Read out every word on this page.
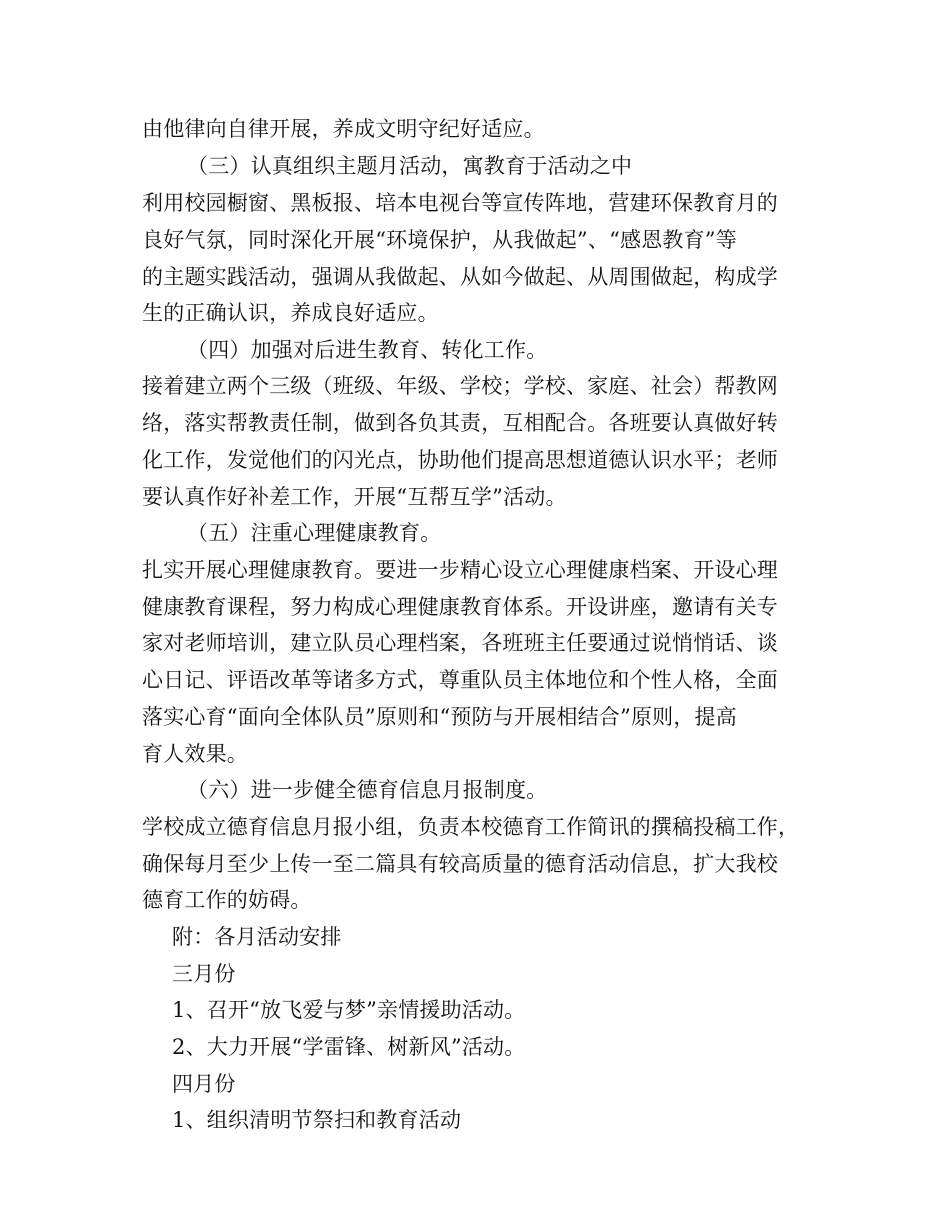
由他律向自律开展，养成文明守纪好适应。
（三）认真组织主题月活动，寓教育于活动之中
利用校园橱窗、黑板报、培本电视台等宣传阵地，营建环保教育月的
良好气氛，同时深化开展“环境保护，从我做起”、“感恩教育”等
的主题实践活动，强调从我做起、从如今做起、从周围做起，构成学
生的正确认识，养成良好适应。
（四）加强对后进生教育、转化工作。
接着建立两个三级（班级、年级、学校；学校、家庭、社会）帮教网
络，落实帮教责任制，做到各负其责，互相配合。各班要认真做好转
化工作，发觉他们的闪光点，协助他们提高思想道德认识水平；老师
要认真作好补差工作，开展“互帮互学”活动。
（五）注重心理健康教育。
扎实开展心理健康教育。要进一步精心设立心理健康档案、开设心理
健康教育课程，努力构成心理健康教育体系。开设讲座，邀请有关专
家对老师培训，建立队员心理档案，各班班主任要通过说悄悄话、谈
心日记、评语改革等诸多方式，尊重队员主体地位和个性人格，全面
落实心育“面向全体队员”原则和“预防与开展相结合”原则，提高
育人效果。
（六）进一步健全德育信息月报制度。
学校成立德育信息月报小组，负责本校德育工作简讯的撰稿投稿工作，
确保每月至少上传一至二篇具有较高质量的德育活动信息，扩大我校
德育工作的妨碍。
附：各月活动安排
三月份
1、召开“放飞爱与梦”亲情援助活动。
2、大力开展“学雷锋、树新风”活动。
四月份
1、组织清明节祭扫和教育活动
